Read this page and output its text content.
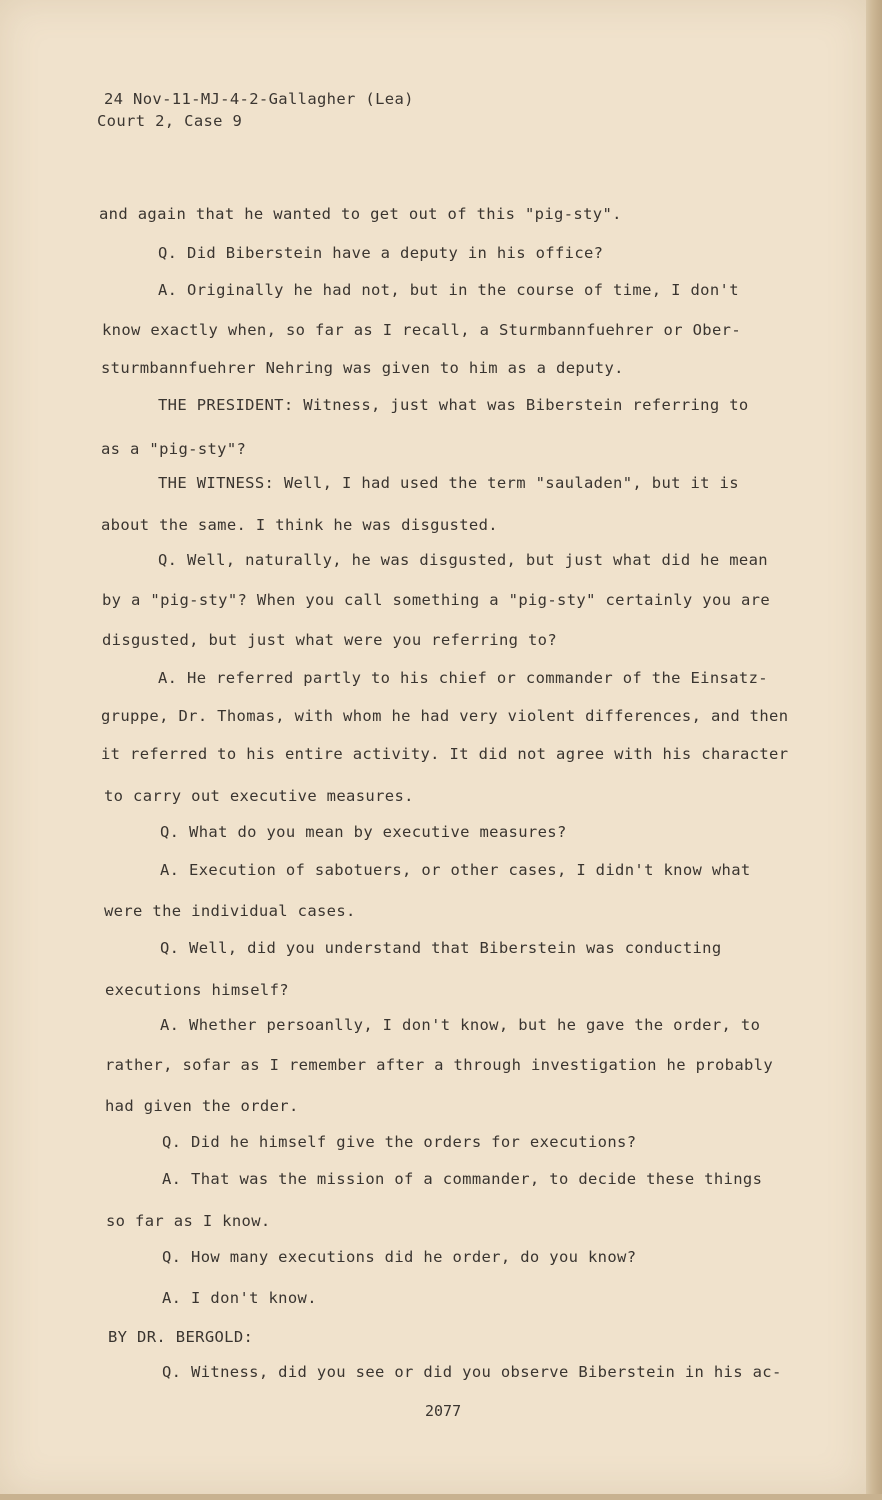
24 Nov-11-MJ-4-2-Gallagher (Lea)
Court 2, Case 9
and again that he wanted to get out of this "pig-sty".
Q. Did Biberstein have a deputy in his office?
A. Originally he had not, but in the course of time, I don't
know exactly when, so far as I recall, a Sturmbannfuehrer or Ober-
sturmbannfuehrer Nehring was given to him as a deputy.
THE PRESIDENT: Witness, just what was Biberstein referring to
as a "pig-sty"?
THE WITNESS: Well, I had used the term "sauladen", but it is
about the same. I think he was disgusted.
Q. Well, naturally, he was disgusted, but just what did he mean
by a "pig-sty"? When you call something a "pig-sty" certainly you are
disgusted, but just what were you referring to?
A. He referred partly to his chief or commander of the Einsatz-
gruppe, Dr. Thomas, with whom he had very violent differences, and then
it referred to his entire activity. It did not agree with his character
to carry out executive measures.
Q. What do you mean by executive measures?
A. Execution of sabotuers, or other cases, I didn't know what
were the individual cases.
Q. Well, did you understand that Biberstein was conducting
executions himself?
A. Whether persoanlly, I don't know, but he gave the order, to
rather, sofar as I remember after a through investigation he probably
had given the order.
Q. Did he himself give the orders for executions?
A. That was the mission of a commander, to decide these things
so far as I know.
Q. How many executions did he order, do you know?
A. I don't know.
BY DR. BERGOLD:
Q. Witness, did you see or did you observe Biberstein in his ac-
2077
